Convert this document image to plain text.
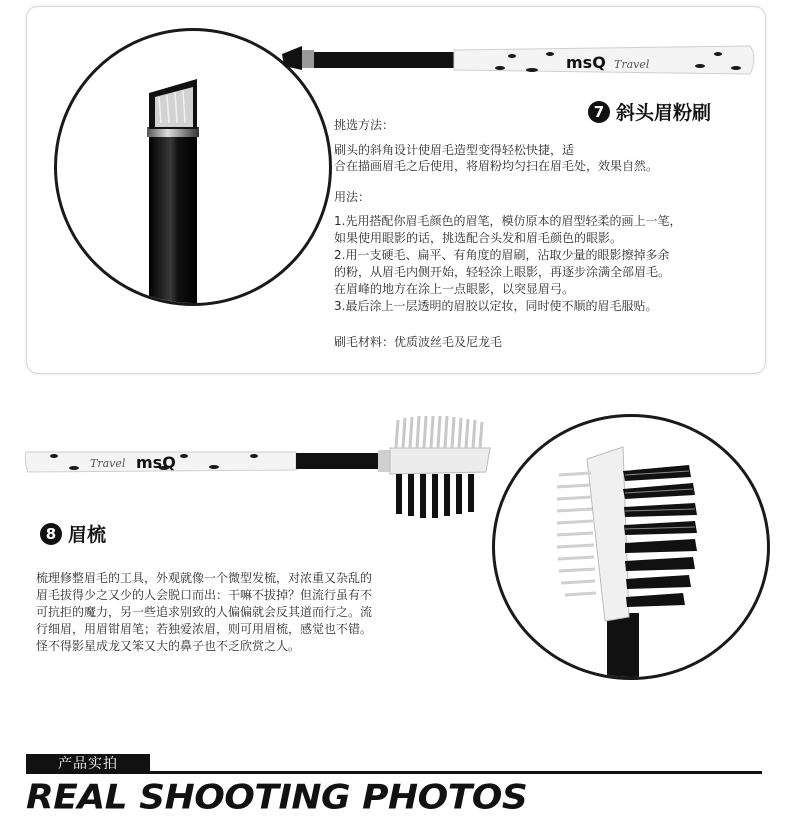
msQ Travel
7 斜头眉粉刷
挑选方法：
刷头的斜角设计使眉毛造型变得轻松快捷，适
合在描画眉毛之后使用，将眉粉均匀扫在眉毛处，效果自然。
用法：
1.先用搭配你眉毛颜色的眉笔，模仿原本的眉型轻柔的画上一笔，
如果使用眼影的话，挑选配合头发和眉毛颜色的眼影。
2.用一支硬毛、扁平、有角度的眉刷，沾取少量的眼影擦掉多余
的粉，从眉毛内侧开始，轻轻涂上眼影，再逐步涂满全部眉毛。
在眉峰的地方在涂上一点眼影，以突显眉弓。
3.最后涂上一层透明的眉胶以定妆，同时使不顺的眉毛服贴。
刷毛材料：优质波丝毛及尼龙毛
Travel msQ
8 眉梳
梳理修整眉毛的工具，外观就像一个微型发梳，对浓重又杂乱的
眉毛拔得少之又少的人会脱口而出：干嘛不拔掉？但流行虽有不
可抗拒的魔力，另一些追求别致的人偏偏就会反其道而行之。流
行细眉，用眉钳眉笔；若独爱浓眉，则可用眉梳，感觉也不错。
怪不得影星成龙又笨又大的鼻子也不乏欣赏之人。
产品实拍
REAL SHOOTING PHOTOS
